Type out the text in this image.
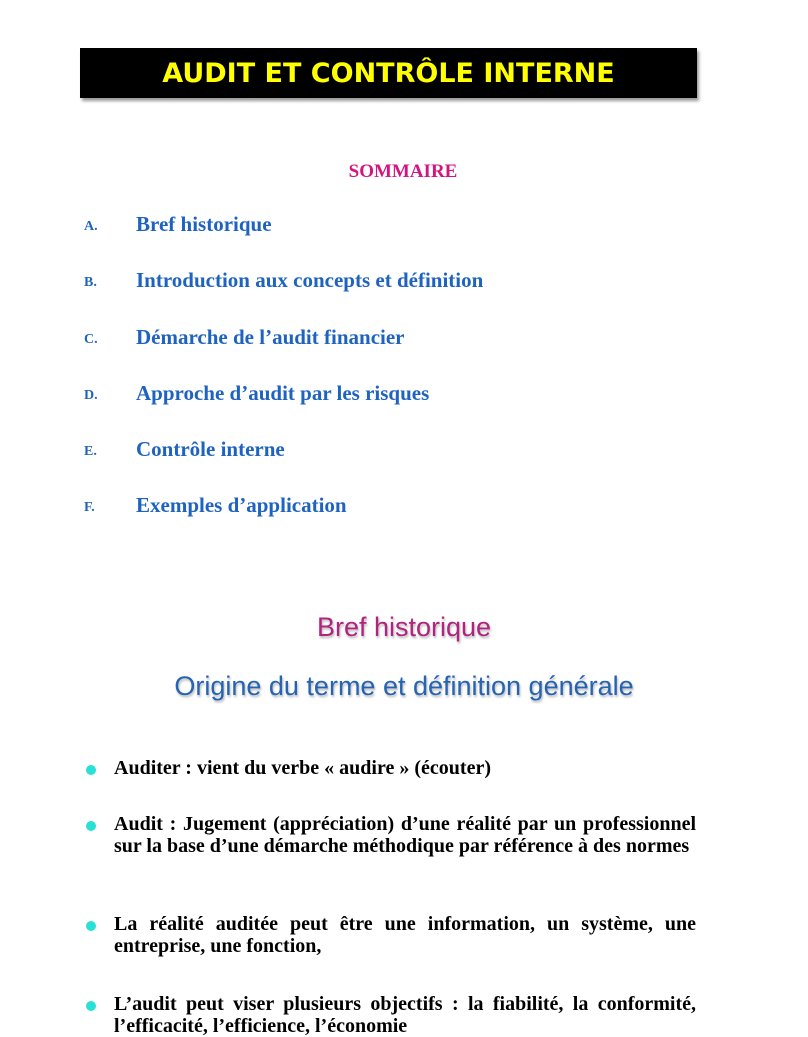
AUDIT ET CONTRÔLE INTERNE
SOMMAIRE
A. Bref historique
B. Introduction aux concepts et définition
C. Démarche de l’audit financier
D. Approche d’audit par les risques
E. Contrôle interne
F. Exemples d’application
Bref historique
Origine du terme et définition générale
Auditer : vient du verbe « audire » (écouter)
Audit : Jugement (appréciation) d’une réalité par un professionnel sur la base d’une démarche méthodique par référence à des normes
La réalité auditée peut être une information, un système, une entreprise, une fonction,
L’audit peut viser plusieurs objectifs : la fiabilité, la conformité, l’efficacité, l’efficience, l’économie
